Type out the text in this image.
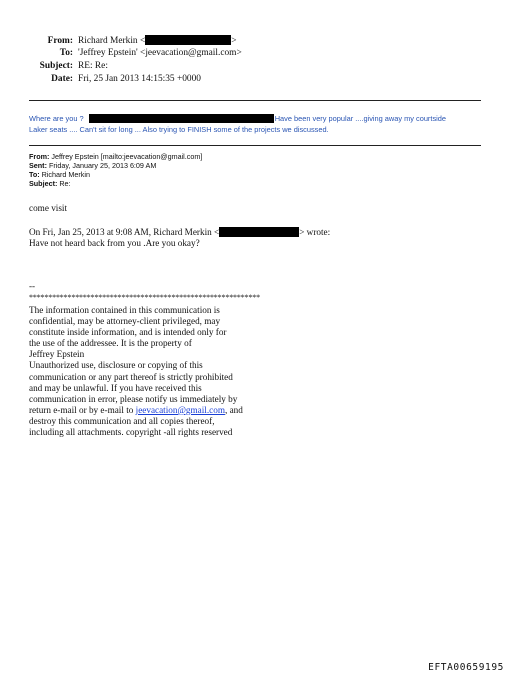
From: Richard Merkin <	>
To: 'Jeffrey Epstein' <jeevacation@gmail.com>
Subject: RE: Re:
Date: Fri, 25 Jan 2013 14:15:35 +0000
Where are you ?	Have been very popular ....giving away my courtside
Laker seats .... Can't sit for long ... Also trying to FINISH some of the projects we discussed.
From: Jeffrey Epstein [mailto:jeevacation@gmail.com]
Sent: Friday, January 25, 2013 6:09 AM
To: Richard Merkin
Subject: Re:
come visit
On Fri, Jan 25, 2013 at 9:08 AM, Richard Merkin <	> wrote:
Have not heard back from you .Are you okay?
--
************************************************************
The information contained in this communication is
confidential, may be attorney-client privileged, may
constitute inside information, and is intended only for
the use of the addressee. It is the property of
Jeffrey Epstein
Unauthorized use, disclosure or copying of this
communication or any part thereof is strictly prohibited
and may be unlawful. If you have received this
communication in error, please notify us immediately by
return e-mail or by e-mail to jeevacation@gmail.com, and
destroy this communication and all copies thereof,
including all attachments. copyright -all rights reserved
EFTA00659195
